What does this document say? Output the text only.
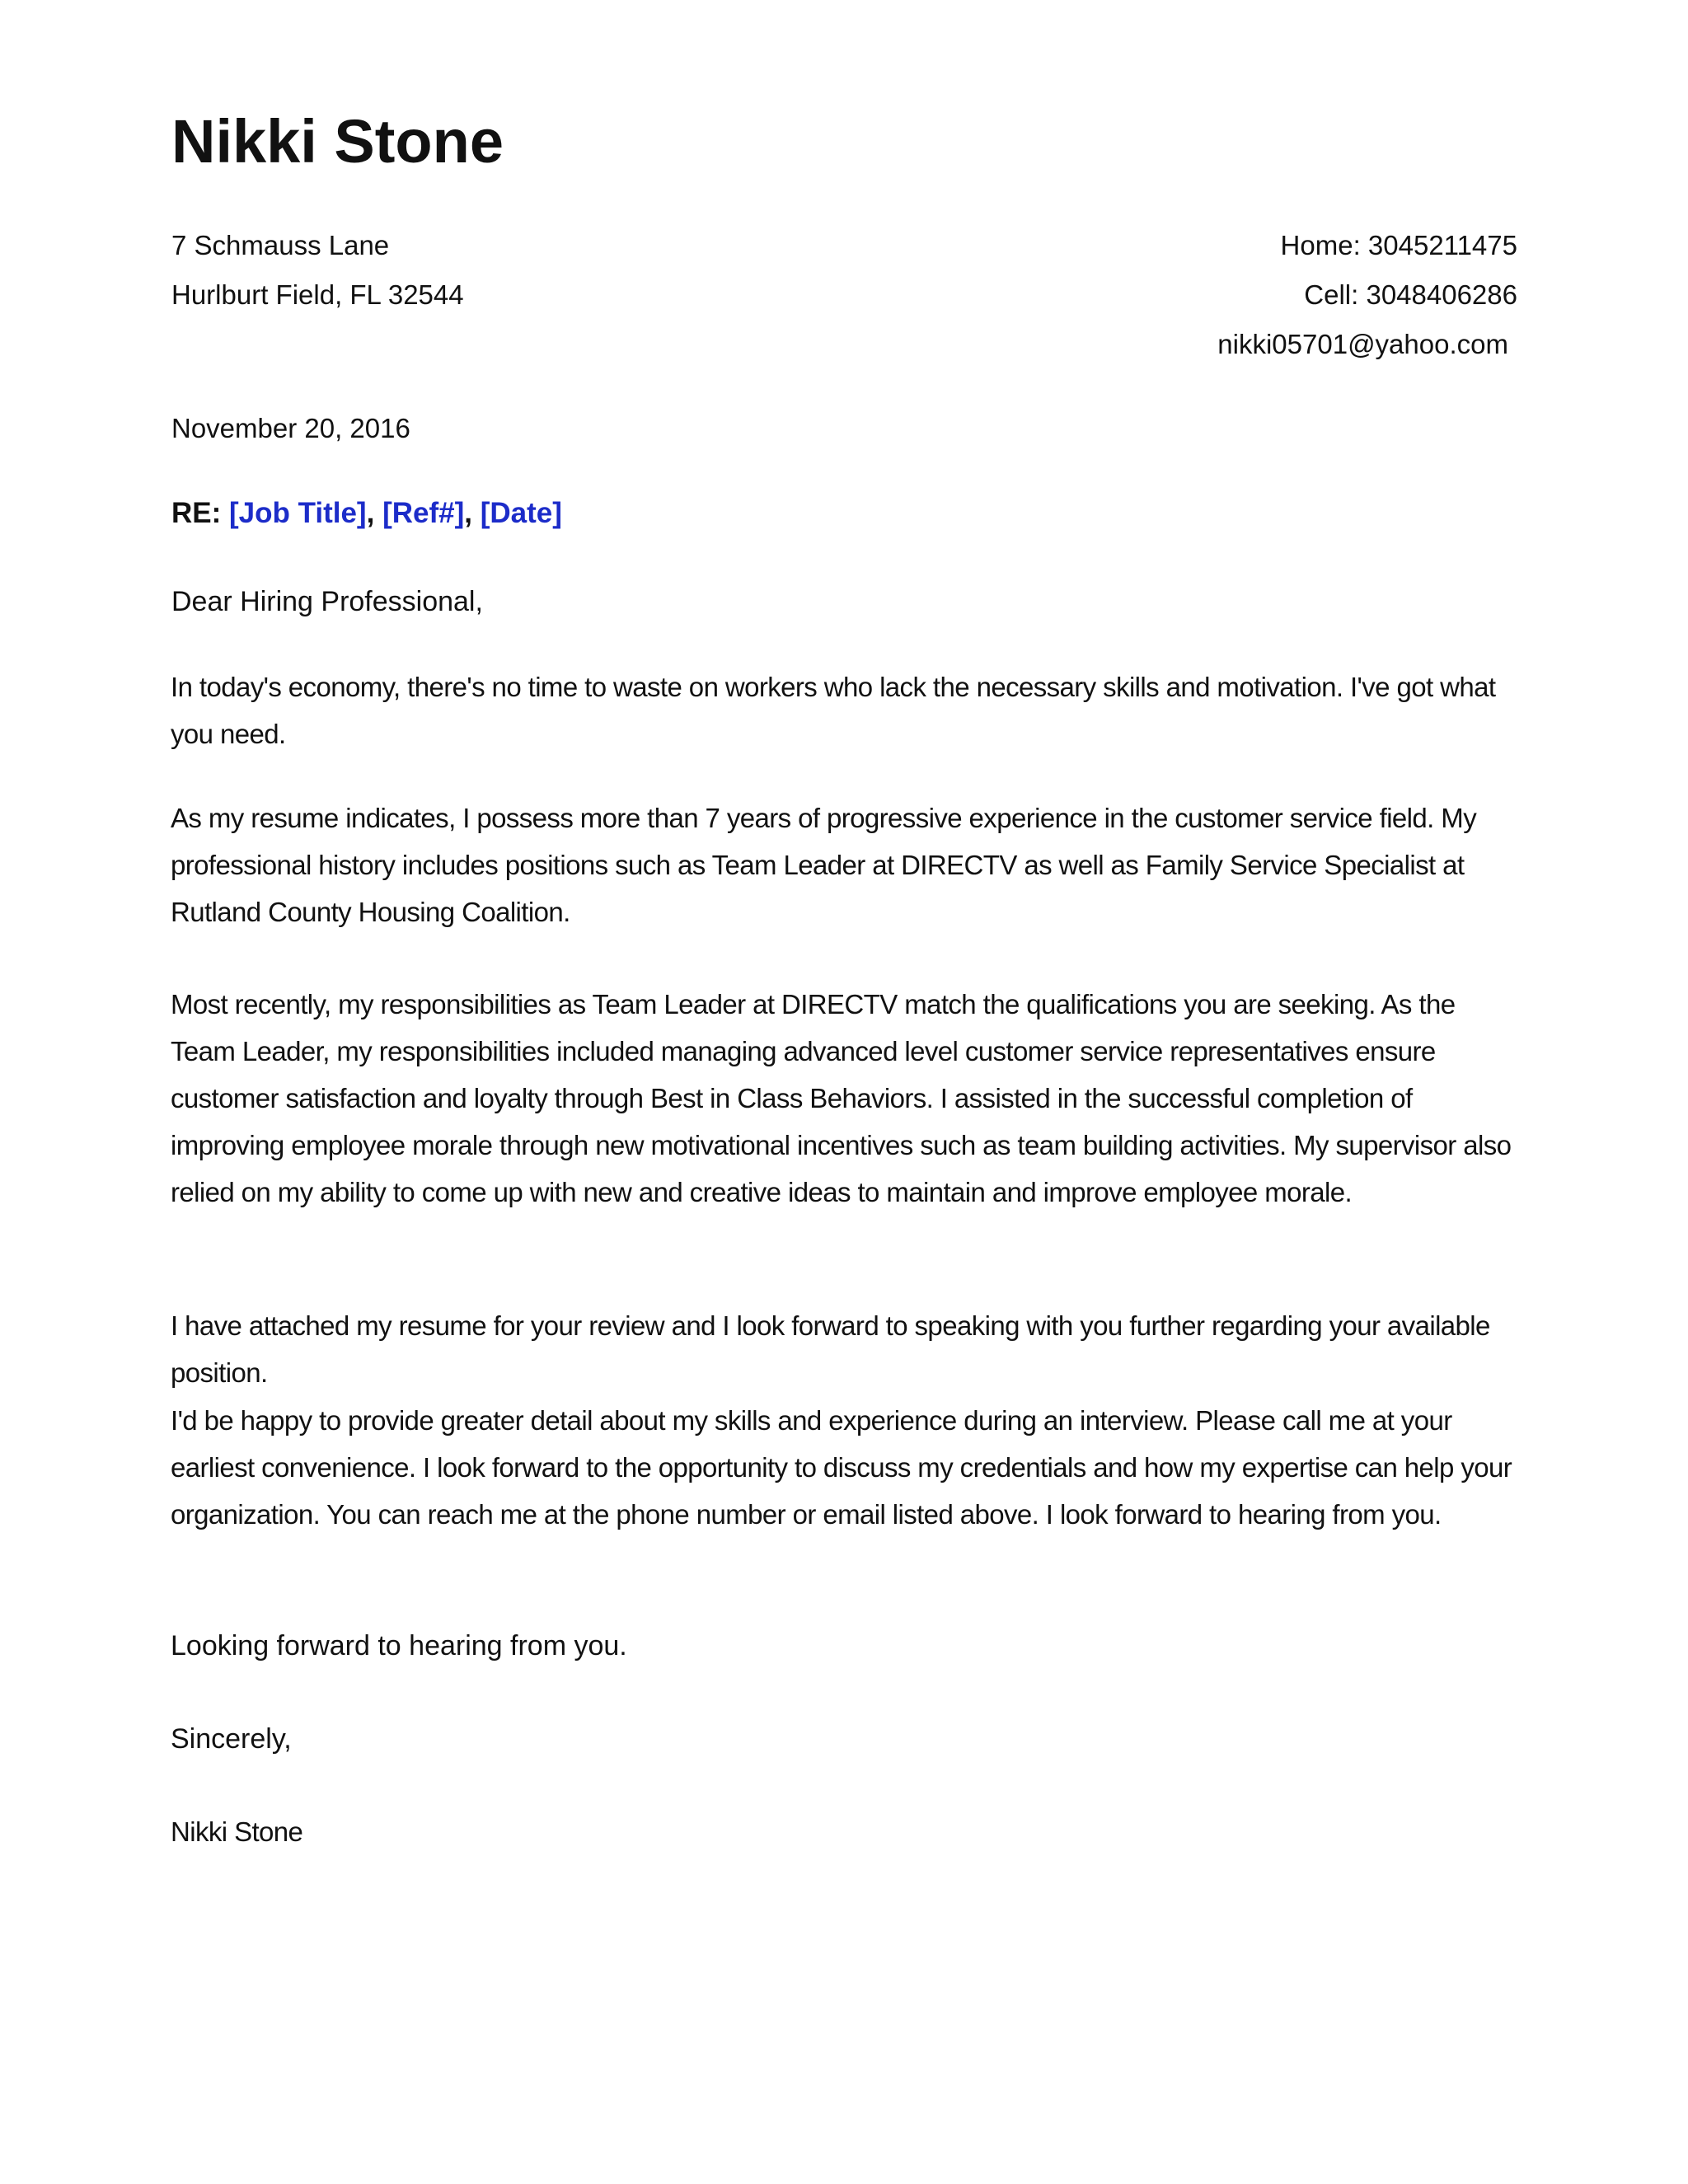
Nikki Stone
7 Schmauss Lane
Hurlburt Field, FL 32544
Home: 3045211475
Cell: 3048406286
nikki05701@yahoo.com
November 20, 2016
RE: [Job Title], [Ref#], [Date]
Dear Hiring Professional,

In today's economy, there's no time to waste on workers who lack the necessary skills and motivation. I've got what you need.

As my resume indicates, I possess more than 7 years of progressive experience in the customer service field. My professional history includes positions such as Team Leader at DIRECTV as well as Family Service Specialist at Rutland County Housing Coalition.

Most recently, my responsibilities as Team Leader at DIRECTV match the qualifications you are seeking. As the Team Leader, my responsibilities included managing advanced level customer service representatives ensure customer satisfaction and loyalty through Best in Class Behaviors. I assisted in the successful completion of improving employee morale through new motivational incentives such as team building activities. My supervisor also relied on my ability to come up with new and creative ideas to maintain and improve employee morale.

I have attached my resume for your review and I look forward to speaking with you further regarding your available position.

I'd be happy to provide greater detail about my skills and experience during an interview. Please call me at your earliest convenience. I look forward to the opportunity to discuss my credentials and how my expertise can help your organization. You can reach me at the phone number or email listed above. I look forward to hearing from you.

Looking forward to hearing from you.
Sincerely,
Nikki Stone
